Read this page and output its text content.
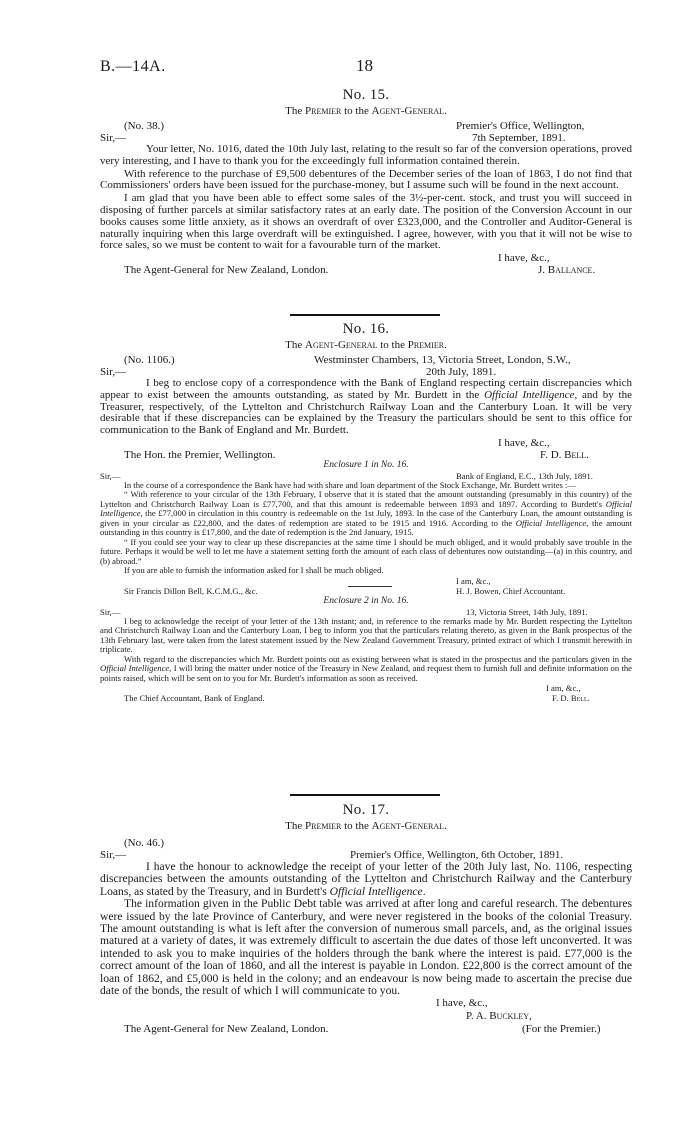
B.—14A.	18
No. 15.
The Premier to the Agent-General.
(No. 38.)	Premier's Office, Wellington,
Sir,—	7th September, 1891.

Your letter, No. 1016, dated the 10th July last, relating to the result so far of the conversion operations, proved very interesting, and I have to thank you for the exceedingly full information contained therein.

With reference to the purchase of £9,500 debentures of the December series of the loan of 1863, I do not find that Commissioners' orders have been issued for the purchase-money, but I assume such will be found in the next account.

I am glad that you have been able to effect some sales of the 3½-per-cent. stock, and trust you will succeed in disposing of further parcels at similar satisfactory rates at an early date. The position of the Conversion Account in our books causes some little anxiety, as it shows an overdraft of over £323,000, and the Controller and Auditor-General is naturally inquiring when this large overdraft will be extinguished. I agree, however, with you that it will not be wise to force sales, so we must be content to wait for a favourable turn of the market.

I have, &c.,
The Agent-General for New Zealand, London.	J. Ballance.
No. 16.
The Agent-General to the Premier.
(No. 1106.)	Westminster Chambers, 13, Victoria Street, London, S.W.,
Sir,—	20th July, 1891.

I beg to enclose copy of a correspondence with the Bank of England respecting certain discrepancies which appear to exist between the amounts outstanding, as stated by Mr. Burdett in the Official Intelligence, and by the Treasurer, respectively, of the Lyttelton and Christchurch Railway Loan and the Canterbury Loan. It will be very desirable that if these discrepancies can be explained by the Treasury the particulars should be sent to this office for communication to the Bank of England and Mr. Burdett.

I have, &c.,
The Hon. the Premier, Wellington.	F. D. Bell.
Enclosure 1 in No. 16.
Sir,—	Bank of England, E.C., 13th July, 1891.

In the course of a correspondence the Bank have had with share and loan department of the Stock Exchange, Mr. Burdett writes :—

“ With reference to your circular of the 13th February, I observe that it is stated that the amount outstanding (presumably in this country) of the Lyttelton and Christchurch Railway Loan is £77,700, and that this amount is redeemable between 1893 and 1897. According to Burdett's Official Intelligence, the £77,000 in circulation in this country is redeemable on the 1st July, 1893. In the case of the Canterbury Loan, the amount outstanding is given in your circular as £22,800, and the dates of redemption are stated to be 1915 and 1916. According to the Official Intelligence, the amount outstanding in this country is £17,800, and the date of redemption is the 2nd January, 1915.

“ If you could see your way to clear up these discrepancies at the same time I should be much obliged, and it would probably save trouble in the future. Perhaps it would be well to let me have a statement setting forth the amount of each class of debentures now outstanding—(a) in this country, and (b) abroad.”

If you are able to furnish the information asked for I shall be much obliged.

I am, &c.,
Sir Francis Dillon Bell, K.C.M.G., &c.	H. J. Bowen, Chief Accountant.
Enclosure 2 in No. 16.
Sir,—	13, Victoria Street, 14th July, 1891.

I beg to acknowledge the receipt of your letter of the 13th instant; and, in reference to the remarks made by Mr. Burdett respecting the Lyttelton and Christchurch Railway Loan and the Canterbury Loan, I beg to inform you that the particulars relating thereto, as given in the Bank prospectus of the 13th February last, were taken from the latest statement issued by the New Zealand Government Treasury, printed extract of which I transmit herewith in triplicate.

With regard to the discrepancies which Mr. Burdett points out as existing between what is stated in the prospectus and the particulars given in the Official Intelligence, I will bring the matter under notice of the Treasury in New Zealand, and request them to furnish full and definite information on the points raised, which will be sent on to you for Mr. Burdett's information as soon as received.

I am, &c.,
The Chief Accountant, Bank of England.	F. D. Bell.
No. 17.
The Premier to the Agent-General.
(No. 46.)
Sir,—	Premier's Office, Wellington, 6th October, 1891.

I have the honour to acknowledge the receipt of your letter of the 20th July last, No. 1106, respecting discrepancies between the amounts outstanding of the Lyttelton and Christchurch Railway and the Canterbury Loans, as stated by the Treasury, and in Burdett's Official Intelligence.

The information given in the Public Debt table was arrived at after long and careful research. The debentures were issued by the late Province of Canterbury, and were never registered in the books of the colonial Treasury. The amount outstanding is what is left after the conversion of numerous small parcels, and, as the original issues matured at a variety of dates, it was extremely difficult to ascertain the due dates of those left unconverted. It was intended to ask you to make inquiries of the holders through the bank where the interest is paid. £77,000 is the correct amount of the loan of 1860, and all the interest is payable in London. £22,800 is the correct amount of the loan of 1862, and £5,000 is held in the colony; and an endeavour is now being made to ascertain the precise due date of the bonds, the result of which I will communicate to you.

I have, &c.,
P. A. Buckley,
The Agent-General for New Zealand, London.	(For the Premier.)
